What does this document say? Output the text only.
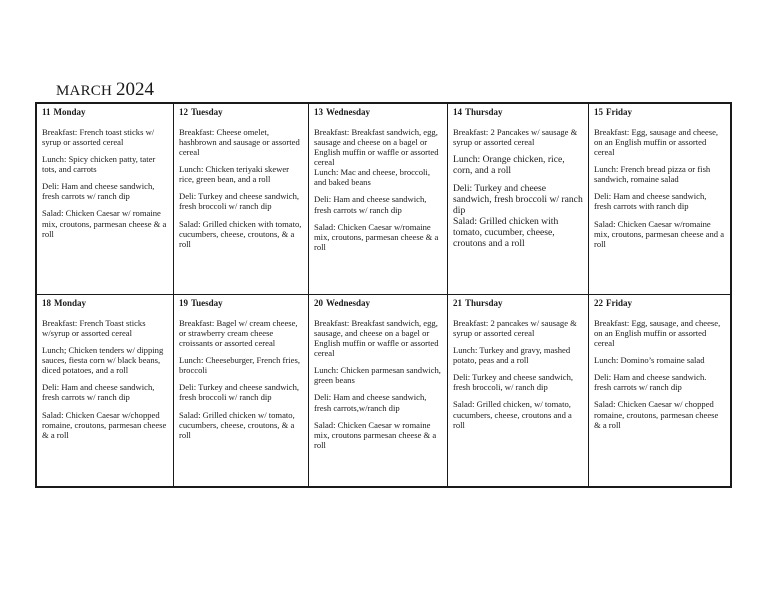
MARCH 2024
11 Monday
Breakfast: French toast sticks w/ syrup or assorted cereal
Lunch: Spicy chicken patty, tater tots, and carrots
Deli: Ham and cheese sandwich, fresh carrots w/ ranch dip
Salad: Chicken Caesar w/ romaine mix, croutons, parmesan cheese & a roll
12 Tuesday
Breakfast: Cheese omelet, hashbrown and sausage or assorted cereal
Lunch: Chicken teriyaki skewer rice, green bean, and a roll
Deli: Turkey and cheese sandwich, fresh broccoli w/ ranch dip
Salad: Grilled chicken with tomato, cucumbers, cheese, croutons, & a roll
13 Wednesday
Breakfast: Breakfast sandwich, egg, sausage and cheese on a bagel or English muffin or waffle or assorted cereal
Lunch: Mac and cheese, broccoli, and baked beans
Deli: Ham and cheese sandwich, fresh carrots w/ ranch dip
Salad: Chicken Caesar w/romaine mix, croutons, parmesan cheese & a roll
14 Thursday
Breakfast: 2 Pancakes w/ sausage & syrup or assorted cereal
Lunch: Orange chicken, rice, corn, and a roll
Deli: Turkey and cheese sandwich, fresh broccoli w/ ranch dip
Salad: Grilled chicken with tomato, cucumber, cheese, croutons and a roll
15 Friday
Breakfast: Egg, sausage and cheese, on an English muffin or assorted cereal
Lunch: French bread pizza or fish sandwich, romaine salad
Deli: Ham and cheese sandwich, fresh carrots with ranch dip
Salad: Chicken Caesar w/romaine mix, croutons, parmesan cheese and a roll
18 Monday
Breakfast: French Toast sticks w/syrup or assorted cereal
Lunch; Chicken tenders w/ dipping sauces, fiesta corn w/ black beans, diced potatoes, and a roll
Deli: Ham and cheese sandwich, fresh carrots w/ ranch dip
Salad: Chicken Caesar w/chopped romaine, croutons, parmesan cheese & a roll
19 Tuesday
Breakfast: Bagel w/ cream cheese, or strawberry cream cheese croissants or assorted cereal
Lunch: Cheeseburger, French fries, broccoli
Deli: Turkey and cheese sandwich, fresh broccoli w/ ranch dip
Salad: Grilled chicken w/ tomato, cucumbers, cheese, croutons, & a roll
20 Wednesday
Breakfast: Breakfast sandwich, egg, sausage, and cheese on a bagel or English muffin or waffle or assorted cereal
Lunch: Chicken parmesan sandwich, green beans
Deli: Ham and cheese sandwich, fresh carrots,w/ranch dip
Salad: Chicken Caesar w romaine mix, croutons parmesan cheese & a roll
21 Thursday
Breakfast: 2 pancakes w/ sausage & syrup or assorted cereal
Lunch: Turkey and gravy, mashed potato, peas and a roll
Deli: Turkey and cheese sandwich, fresh broccoli, w/ ranch dip
Salad: Grilled chicken, w/ tomato, cucumbers, cheese, croutons and a roll
22 Friday
Breakfast: Egg, sausage, and cheese, on an English muffin or assorted cereal
Lunch: Domino’s romaine salad
Deli: Ham and cheese sandwich. fresh carrots w/ ranch dip
Salad: Chicken Caesar w/ chopped romaine, croutons, parmesan cheese & a roll
